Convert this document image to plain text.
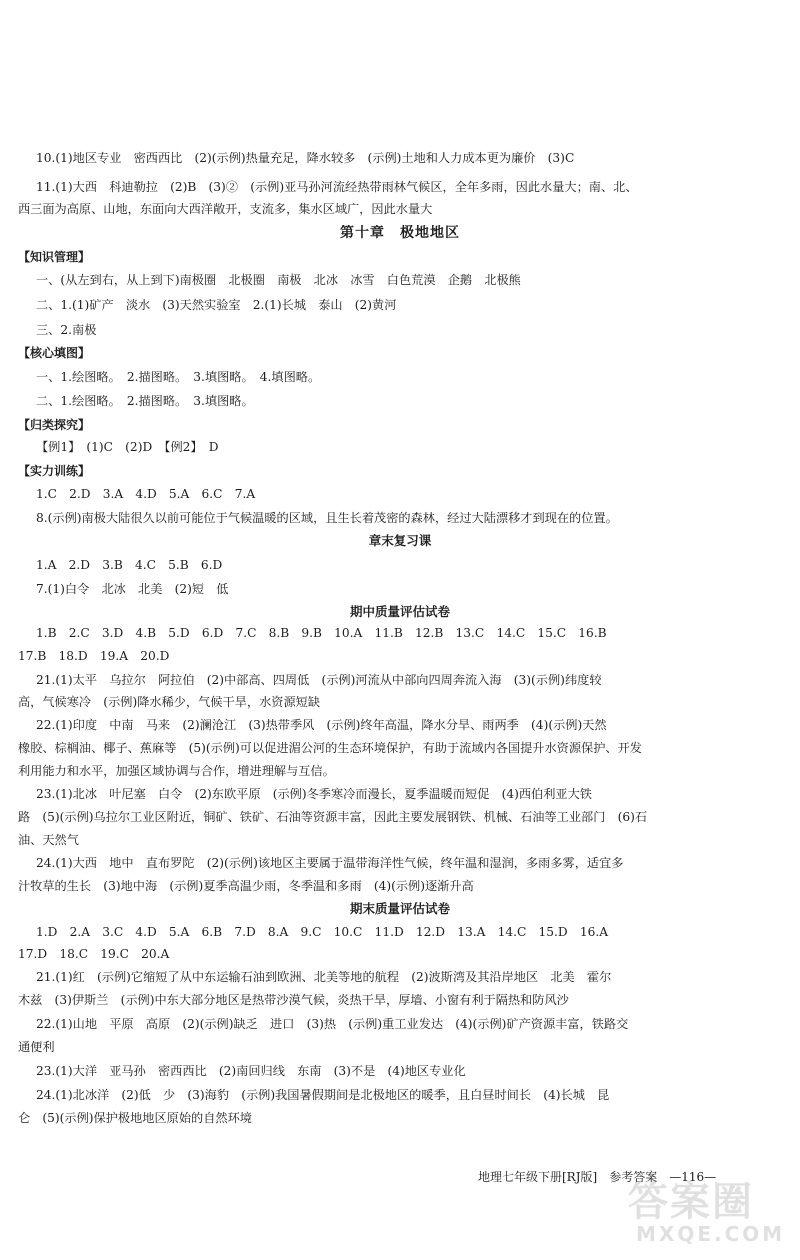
10.(1)地区专业　密西西比　(2)(示例)热量充足，降水较多　(示例)土地和人力成本更为廉价　(3)C
11.(1)大西　科迪勒拉　(2)B　(3)②　(示例)亚马孙河流经热带雨林气候区，全年多雨，因此水量大；南、北、
西三面为高原、山地，东面向大西洋敞开，支流多，集水区域广，因此水量大
第十章　极地地区
【知识管理】
一、(从左到右，从上到下)南极圈　北极圈　南极　北冰　冰雪　白色荒漠　企鹅　北极熊
二、1.(1)矿产　淡水　(3)天然实验室　2.(1)长城　泰山　(2)黄河
三、2.南极
【核心填图】
一、1.绘图略。　2.描图略。　3.填图略。　4.填图略。
二、1.绘图略。　2.描图略。　3.填图略。
【归类探究】
【例1】　(1)C　(2)D　【例2】　D
【实力训练】
1.C　2.D　3.A　4.D　5.A　6.C　7.A
8.(示例)南极大陆很久以前可能位于气候温暖的区域，且生长着茂密的森林，经过大陆漂移才到现在的位置。
章末复习课
1.A　2.D　3.B　4.C　5.B　6.D
7.(1)白令　北冰　北美　(2)短　低
期中质量评估试卷
1.B　2.C　3.D　4.B　5.D　6.D　7.C　8.B　9.B　10.A　11.B　12.B　13.C　14.C　15.C　16.B
17.B　18.D　19.A　20.D
21.(1)太平　乌拉尔　阿拉伯　(2)中部高、四周低　(示例)河流从中部向四周奔流入海　(3)(示例)纬度较
高，气候寒冷　(示例)降水稀少，气候干旱，水资源短缺
22.(1)印度　中南　马来　(2)澜沧江　(3)热带季风　(示例)终年高温，降水分旱、雨两季　(4)(示例)天然
橡胶、棕榈油、椰子、蕉麻等　(5)(示例)可以促进湄公河的生态环境保护，有助于流域内各国提升水资源保护、开发
利用能力和水平，加强区域协调与合作，增进理解与互信。
23.(1)北冰　叶尼塞　白令　(2)东欧平原　(示例)冬季寒冷而漫长，夏季温暖而短促　(4)西伯利亚大铁
路　(5)(示例)乌拉尔工业区附近，铜矿、铁矿、石油等资源丰富，因此主要发展钢铁、机械、石油等工业部门　(6)石
油、天然气
24.(1)大西　地中　直布罗陀　(2)(示例)该地区主要属于温带海洋性气候，终年温和湿润，多雨多雾，适宜多
汁牧草的生长　(3)地中海　(示例)夏季高温少雨，冬季温和多雨　(4)(示例)逐渐升高
期末质量评估试卷
1.D　2.A　3.C　4.D　5.A　6.B　7.D　8.A　9.C　10.C　11.D　12.D　13.A　14.C　15.D　16.A
17.D　18.C　19.C　20.A
21.(1)红　(示例)它缩短了从中东运输石油到欧洲、北美等地的航程　(2)波斯湾及其沿岸地区　北美　霍尔
木兹　(3)伊斯兰　(示例)中东大部分地区是热带沙漠气候，炎热干旱，厚墙、小窗有利于隔热和防风沙
22.(1)山地　平原　高原　(2)(示例)缺乏　进口　(3)热　(示例)重工业发达　(4)(示例)矿产资源丰富，铁路交
通便利
23.(1)大洋　亚马孙　密西西比　(2)南回归线　东南　(3)不是　(4)地区专业化
24.(1)北冰洋　(2)低　少　(3)海豹　(示例)我国暑假期间是北极地区的暖季，且白昼时间长　(4)长城　昆
仑　(5)(示例)保护极地地区原始的自然环境
地理七年级下册[RJ版]　参考答案　—116—
答案圈
MXQE.COM
